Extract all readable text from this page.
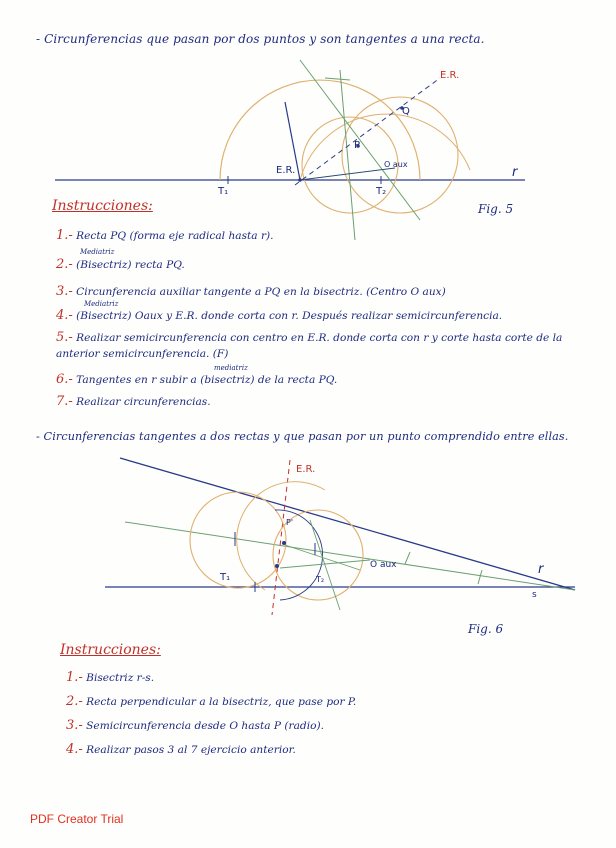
- Circunferencias que pasan por dos puntos y son tangentes a una recta.
E.R.
Q
P
O aux
E.R.
T₁	T₂
r
Fig. 5
Instrucciones:
1.- Recta PQ (forma eje radical hasta r).
Mediatriz
2.- (Bisectriz) recta PQ.
3.- Circunferencia auxiliar tangente a PQ en la bisectriz. (Centro O aux)
Mediatriz
4.- (Bisectriz) Oaux y E.R. donde corta con r. Después realizar semicircunferencia.
5.- Realizar semicircunferencia con centro en E.R. donde corta con r y corte hasta corte de la
anterior semicircunferencia. (F)
mediatriz
6.- Tangentes en r subir a (bisectriz) de la recta PQ.
7.- Realizar circunferencias.
- Circunferencias tangentes a dos rectas y que pasan por un punto comprendido entre ellas.
E.R.
P'
T₁	T₂
O aux	r
s
Fig. 6
Instrucciones:
1.- Bisectriz r-s.
2.- Recta perpendicular a la bisectriz, que pase por P.
3.- Semicircunferencia desde O hasta P (radio).
4.- Realizar pasos 3 al 7 ejercicio anterior.
PDF Creator Trial
